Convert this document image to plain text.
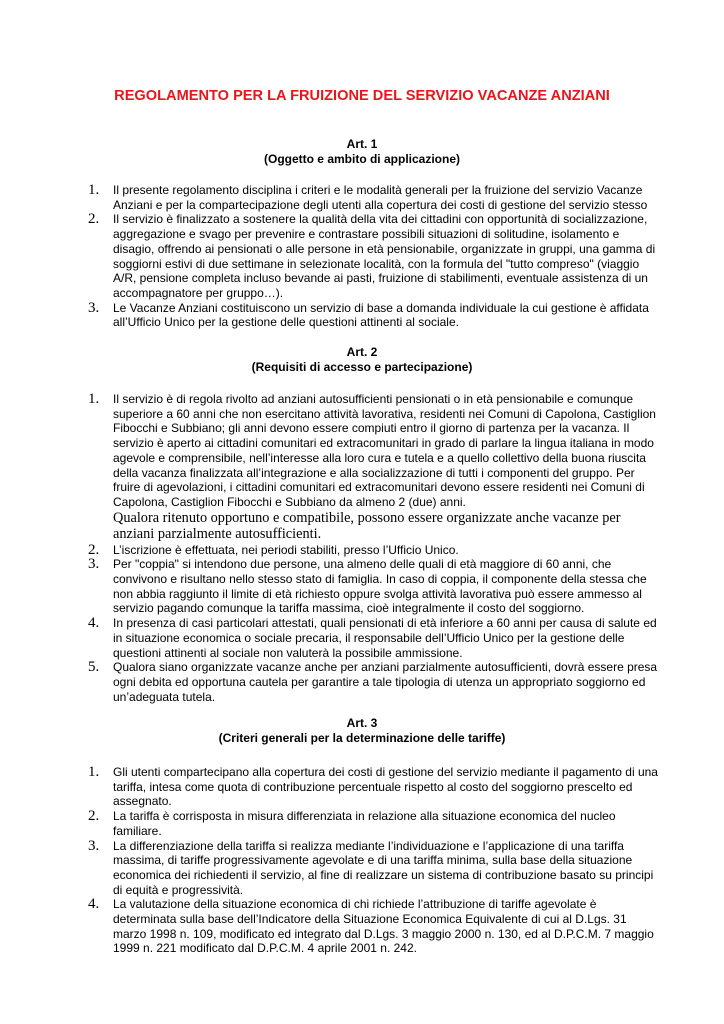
REGOLAMENTO PER LA FRUIZIONE DEL SERVIZIO VACANZE ANZIANI
Art. 1
(Oggetto e ambito di applicazione)
1. Il presente regolamento disciplina i criteri e le modalità generali per la fruizione del servizio Vacanze Anziani e per la compartecipazione degli utenti alla copertura dei costi di gestione del servizio stesso
2. Il servizio è finalizzato a sostenere la qualità della vita dei cittadini con opportunità di socializzazione, aggregazione e svago per prevenire e contrastare possibili situazioni di solitudine, isolamento e disagio, offrendo ai pensionati o alle persone in età pensionabile, organizzate in gruppi, una gamma di soggiorni estivi di due settimane in selezionate località, con la formula del "tutto compreso" (viaggio A/R, pensione completa incluso bevande ai pasti, fruizione di stabilimenti, eventuale assistenza di un accompagnatore per gruppo…).
3. Le Vacanze Anziani costituiscono un servizio di base a domanda individuale la cui gestione è affidata all’Ufficio Unico per la gestione delle questioni attinenti al sociale.
Art. 2
(Requisiti di accesso e partecipazione)
1. Il servizio è di regola rivolto ad anziani autosufficienti pensionati o in età pensionabile e comunque superiore a 60 anni che non esercitano attività lavorativa, residenti nei Comuni di Capolona, Castiglion Fibocchi e Subbiano; gli anni devono essere compiuti entro il giorno di partenza per la vacanza. Il servizio è aperto ai cittadini comunitari ed extracomunitari in grado di parlare la lingua italiana in modo agevole e comprensibile, nell’interesse alla loro cura e tutela e a quello collettivo della buona riuscita della vacanza finalizzata all’integrazione e alla socializzazione di tutti i componenti del gruppo. Per fruire di agevolazioni, i cittadini comunitari ed extracomunitari devono essere residenti nei Comuni di Capolona, Castiglion Fibocchi e Subbiano da almeno 2 (due) anni.
Qualora ritenuto opportuno e compatibile, possono essere organizzate anche vacanze per anziani parzialmente autosufficienti.
2. L’iscrizione è effettuata, nei periodi stabiliti, presso l’Ufficio Unico.
3. Per "coppia" si intendono due persone, una almeno delle quali di età maggiore di 60 anni, che convivono e risultano nello stesso stato di famiglia. In caso di coppia, il componente della stessa che non abbia raggiunto il limite di età richiesto oppure svolga attività lavorativa può essere ammesso al servizio pagando comunque la tariffa massima, cioè integralmente il costo del soggiorno.
4. In presenza di casi particolari attestati, quali pensionati di età inferiore a 60 anni per causa di salute ed in situazione economica o sociale precaria, il responsabile dell’Ufficio Unico per la gestione delle questioni attinenti al sociale non valuterà la possibile ammissione.
5. Qualora siano organizzate vacanze anche per anziani parzialmente autosufficienti, dovrà essere presa ogni debita ed opportuna cautela per garantire a tale tipologia di utenza un appropriato soggiorno ed un’adeguata tutela.
Art. 3
(Criteri generali per la determinazione delle tariffe)
1. Gli utenti compartecipano alla copertura dei costi di gestione del servizio mediante il pagamento di una tariffa, intesa come quota di contribuzione percentuale rispetto al costo del soggiorno prescelto ed assegnato.
2. La tariffa è corrisposta in misura differenziata in relazione alla situazione economica del nucleo familiare.
3. La differenziazione della tariffa si realizza mediante l’individuazione e l’applicazione di una tariffa massima, di tariffe progressivamente agevolate e di una tariffa minima, sulla base della situazione economica dei richiedenti il servizio, al fine di realizzare un sistema di contribuzione basato su principi di equità e progressività.
4. La valutazione della situazione economica di chi richiede l’attribuzione di tariffe agevolate è determinata sulla base dell’Indicatore della Situazione Economica Equivalente di cui al D.Lgs. 31 marzo 1998 n. 109, modificato ed integrato dal D.Lgs. 3 maggio 2000 n. 130, ed al D.P.C.M. 7 maggio 1999 n. 221 modificato dal D.P.C.M. 4 aprile 2001 n. 242.
